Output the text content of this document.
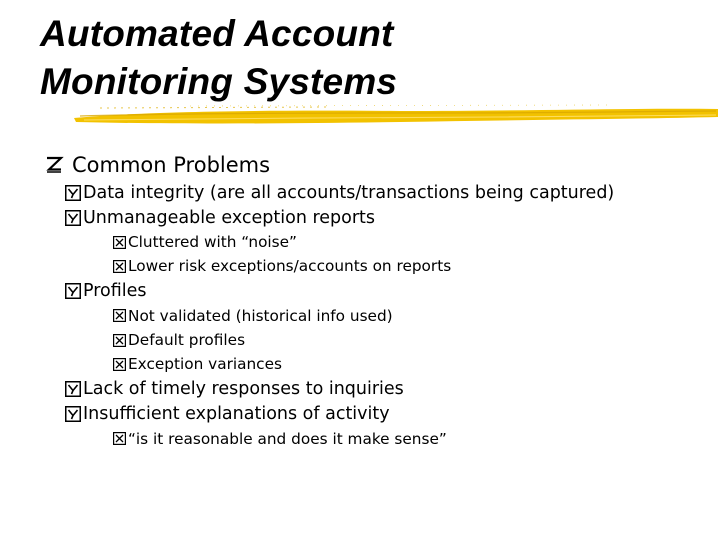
Automated Account
Monitoring Systems
Common Problems
Data integrity (are all accounts/transactions being captured)
Unmanageable exception reports
Cluttered with “noise”
Lower risk exceptions/accounts on reports
Profiles
Not validated (historical info used)
Default profiles
Exception variances
Lack of timely responses to inquiries
Insufficient explanations of activity
“is it reasonable and does it make sense”
